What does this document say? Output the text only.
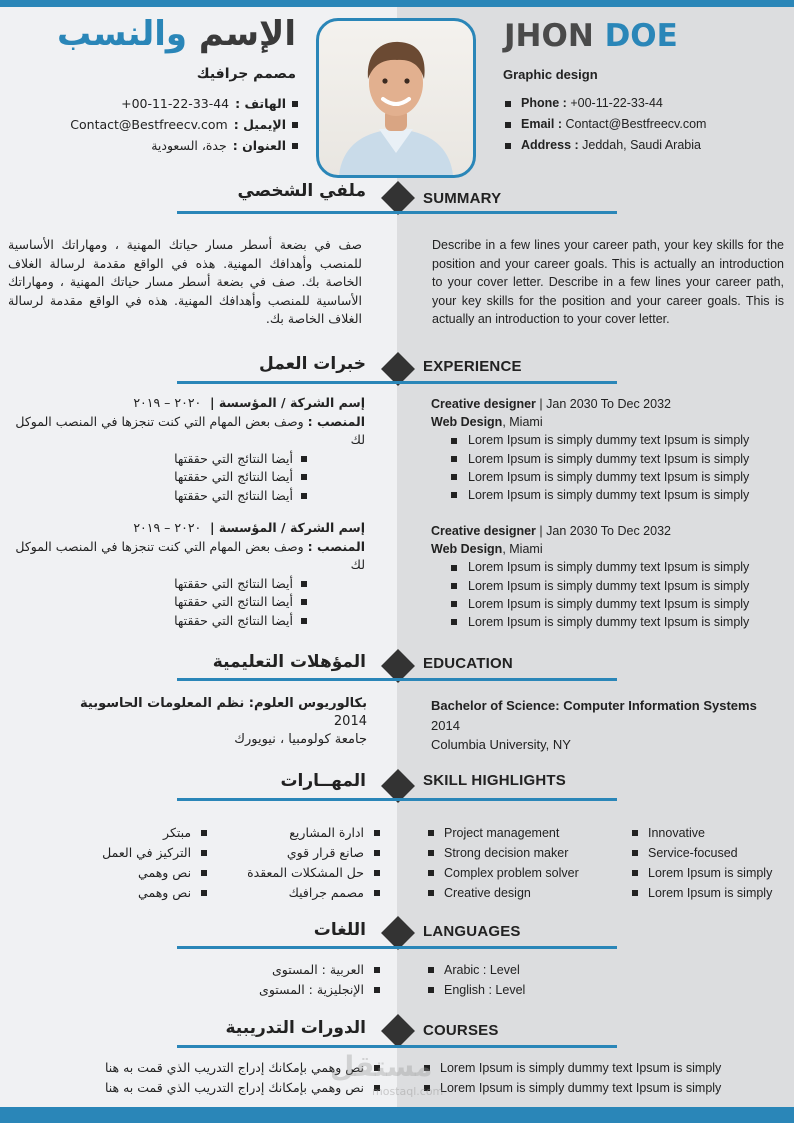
الإسم والنسب	JHON DOE
مصمم جرافيك	Graphic design
الهاتف :
+00-11-22-33-44
الإيميل :
Contact@Bestfreecv.com
العنوان :
جدة، السعودية
Phone : +00-11-22-33-44
Email : Contact@Bestfreecv.com
Address : Jeddah, Saudi Arabia
ملفي الشخصي	SUMMARY
صف في بضعة أسطر مسار حياتك المهنية ، ومهاراتك الأساسية للمنصب وأهدافك المهنية. هذه في الواقع مقدمة لرسالة الغلاف الخاصة بك. صف في بضعة أسطر مسار حياتك المهنية ، ومهاراتك الأساسية للمنصب وأهدافك المهنية. هذه في الواقع مقدمة لرسالة الغلاف الخاصة بك.
Describe in a few lines your career path, your key skills for the position and your career goals. This is actually an introduction to your cover letter. Describe in a few lines your career path, your key skills for the position and your career goals. This is actually an introduction to your cover letter.
خبرات العمل	EXPERIENCE
إسم الشركة / المؤسسة |  ٢٠٢٠ – ٢٠١٩
المنصب : وصف بعض المهام التي كنت تنجزها في المنصب الموكل لك
أيضا النتائج التي حققتها
أيضا النتائج التي حققتها
أيضا النتائج التي حققتها
إسم الشركة / المؤسسة |  ٢٠٢٠ – ٢٠١٩
المنصب : وصف بعض المهام التي كنت تنجزها في المنصب الموكل لك
أيضا النتائج التي حققتها
أيضا النتائج التي حققتها
أيضا النتائج التي حققتها
Creative designer | Jan 2030 To Dec 2032
Web Design, Miami
Lorem Ipsum is simply dummy text Ipsum is simply
Lorem Ipsum is simply dummy text Ipsum is simply
Lorem Ipsum is simply dummy text Ipsum is simply
Lorem Ipsum is simply dummy text Ipsum is simply
Creative designer | Jan 2030 To Dec 2032
Web Design, Miami
Lorem Ipsum is simply dummy text Ipsum is simply
Lorem Ipsum is simply dummy text Ipsum is simply
Lorem Ipsum is simply dummy text Ipsum is simply
Lorem Ipsum is simply dummy text Ipsum is simply
المؤهلات التعليمية	EDUCATION
بكالوريوس العلوم: نظم المعلومات الحاسوبية
2014
جامعة كولومبيا ، نيويورك
Bachelor of Science: Computer Information Systems
2014
Columbia University, NY
المهــارات	SKILL HIGHLIGHTS
ادارة المشاريع
صانع قرار قوي
حل المشكلات المعقدة
مصمم جرافيك
مبتكر
التركيز في العمل
نص وهمي
نص وهمي
Project management
Strong decision maker
Complex problem solver
Creative design
Innovative
Service-focused
Lorem Ipsum is simply
Lorem Ipsum is simply
اللغات	LANGUAGES
العربية : المستوى
الإنجليزية : المستوى
Arabic : Level
English : Level
الدورات التدريبية	COURSES
نص وهمي بإمكانك إدراج التدريب الذي قمت به هنا
نص وهمي بإمكانك إدراج التدريب الذي قمت به هنا
Lorem Ipsum is simply dummy text Ipsum is simply
Lorem Ipsum is simply dummy text Ipsum is simply
مستقل
mostaql.com
